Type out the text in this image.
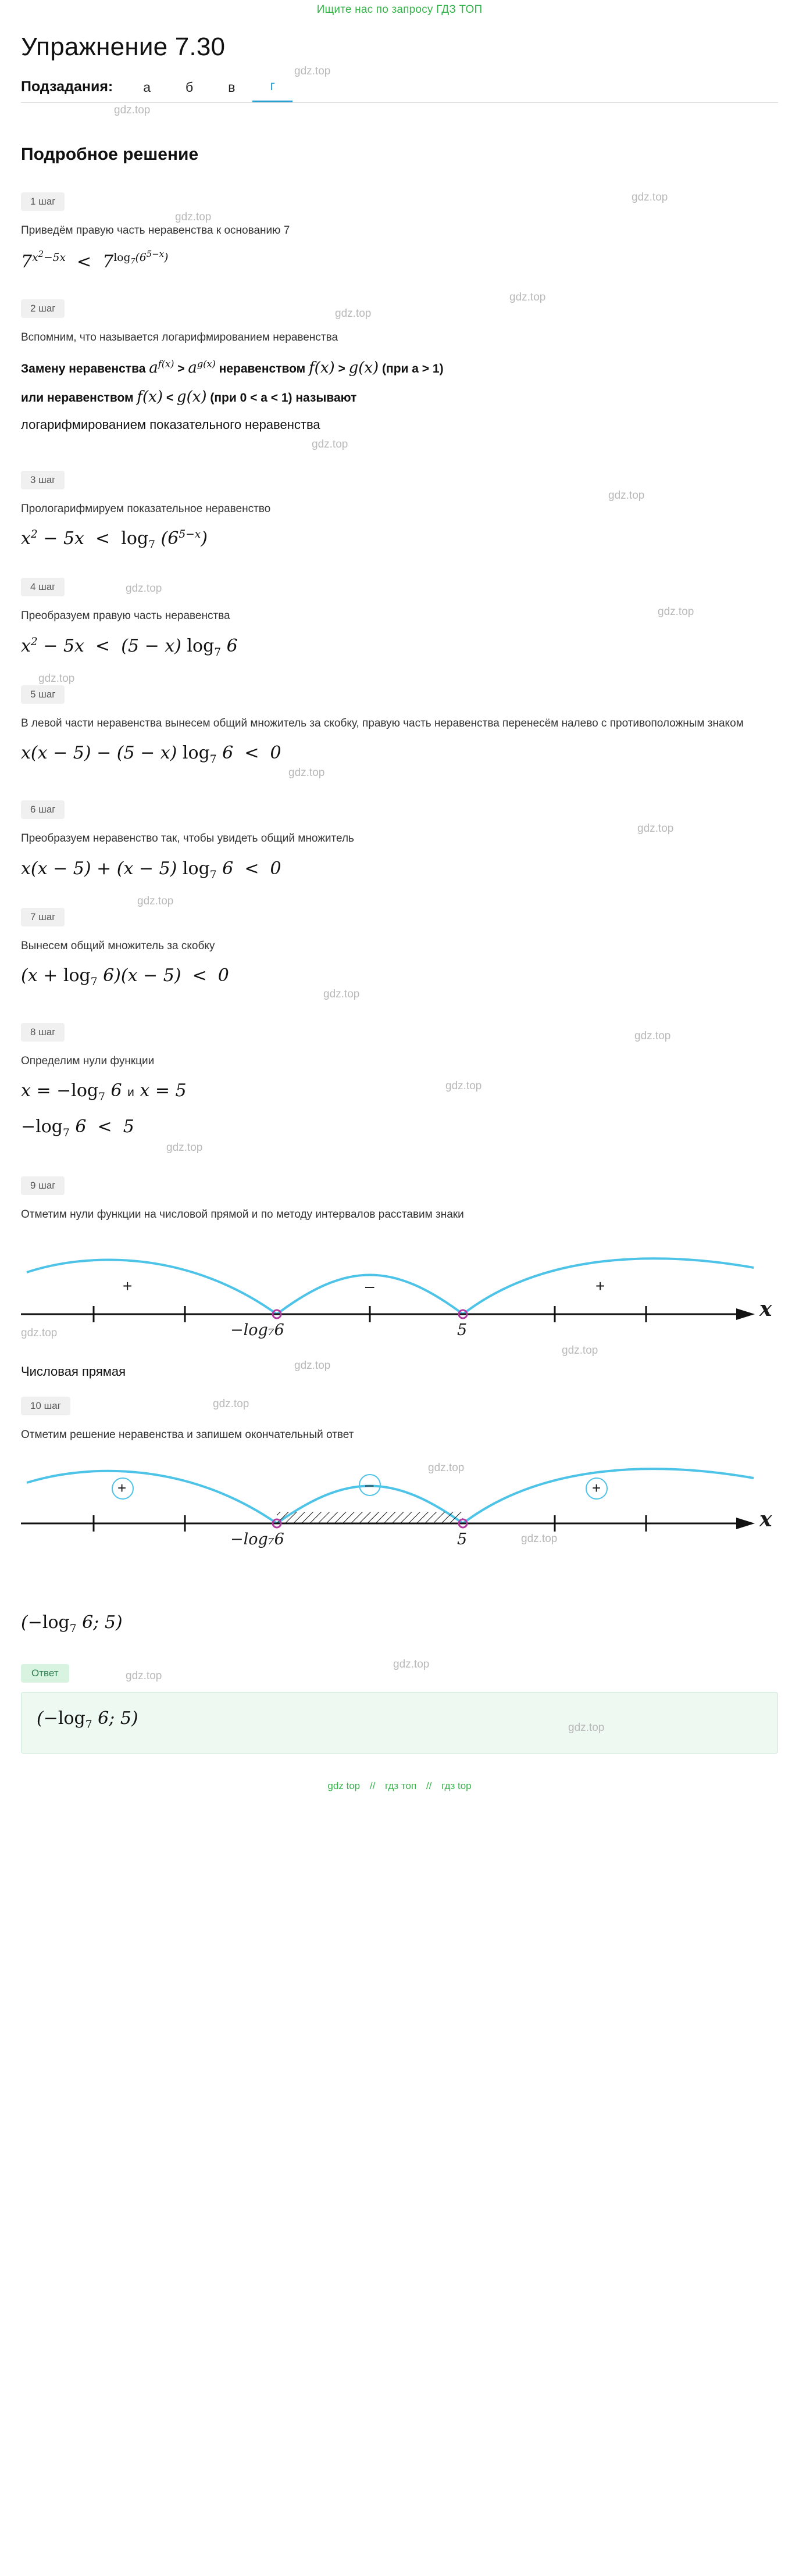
Ищите нас по запросу ГДЗ ТОП
Упражнение 7.30
gdz.top
Подзадания:	а	б	в	г
gdz.top
Подробное решение
gdz.top
1 шаг
gdz.top
Приведём правую часть неравенства к основанию 7
$7^{x^2-5x} < 7^{log_7(6^{5-x})}$
gdz.top
2 шаг	gdz.top
Вспомним, что называется логарифмированием неравенства
Замену неравенства $a^{f(x)} > a^{g(x)}$ неравенством f(x) > g(x) (при a > 1)
или неравенством f(x) < g(x) (при 0 < a < 1) называют
логарифмированием показательного неравенства
gdz.top
3 шаг
gdz.top
Прологарифмируем показательное неравенство
$x^2 - 5x < \log_7 (6^{5-x})$
4 шаг	gdz.top
Преобразуем правую часть неравенства	gdz.top
$x^2 - 5x < (5 - x)$ $\log_7 6$
gdz.top
5 шаг
В левой части неравенства вынесем общий множитель за скобку, правую часть неравенства перенесём налево с противоположным знаком
x(x − 5) − (5 − x) $\log_7 6 < 0$
gdz.top
6 шаг
Преобразуем неравенство так, чтобы увидеть общий множитель
gdz.top
x(x − 5) + (x − 5) $\log_7 6 < 0$
gdz.top
7 шаг
Вынесем общий множитель за скобку
$(x + \log_7 6)(x - 5) < 0$
gdz.top
8 шаг	gdz.top
Определим нули функции
$x = -\log_7$ 6 и x = 5	gdz.top
$-\log_7$ 6  <  5
gdz.top
9 шаг
Отметим нули функции на числовой прямой и по методу интервалов расставим знаки
gdz.top
gdz.top
+	–	+
−log₇6	5
x
gdz.top
Числовая прямая
10 шаг	gdz.top
Отметим решение неравенства и запишем окончательный ответ
gdz.top
gdz.top
+	–	+
−log₇6	5
x
($-\log_7$ 6; 5)
gdz.top
Ответ	gdz.top
($-\log_7$ 6; 5)	gdz.top
gdz top // гдз топ // гдз top
